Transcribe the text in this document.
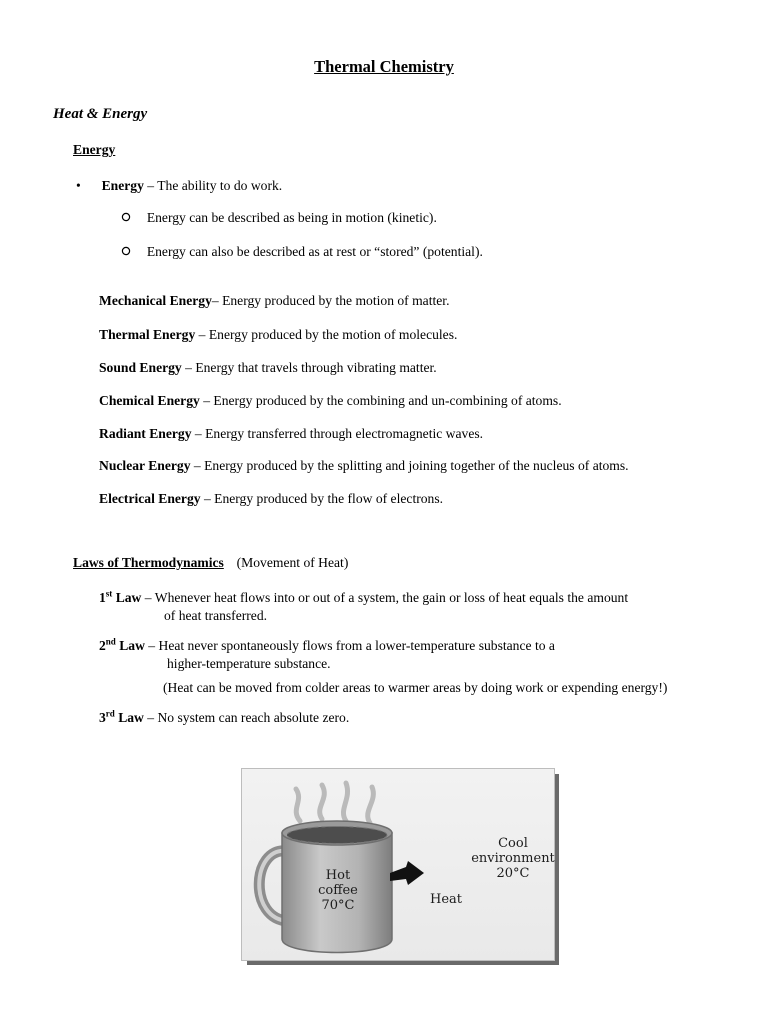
Thermal Chemistry
Heat & Energy
Energy
• Energy – The ability to do work.
Energy can be described as being in motion (kinetic).
Energy can also be described as at rest or “stored” (potential).
Mechanical Energy– Energy produced by the motion of matter.
Thermal Energy – Energy produced by the motion of molecules.
Sound Energy – Energy that travels through vibrating matter.
Chemical Energy – Energy produced by the combining and un-combining of atoms.
Radiant Energy – Energy transferred through electromagnetic waves.
Nuclear Energy – Energy produced by the splitting and joining together of the nucleus of atoms.
Electrical Energy – Energy produced by the flow of electrons.
Laws of Thermodynamics (Movement of Heat)
1st Law – Whenever heat flows into or out of a system, the gain or loss of heat equals the amount
of heat transferred.
2nd Law – Heat never spontaneously flows from a lower-temperature substance to a
higher-temperature substance.
(Heat can be moved from colder areas to warmer areas by doing work or expending energy!)
3rd Law – No system can reach absolute zero.
Hot
coffee
70°C	Heat
Cool
environment
20°C
